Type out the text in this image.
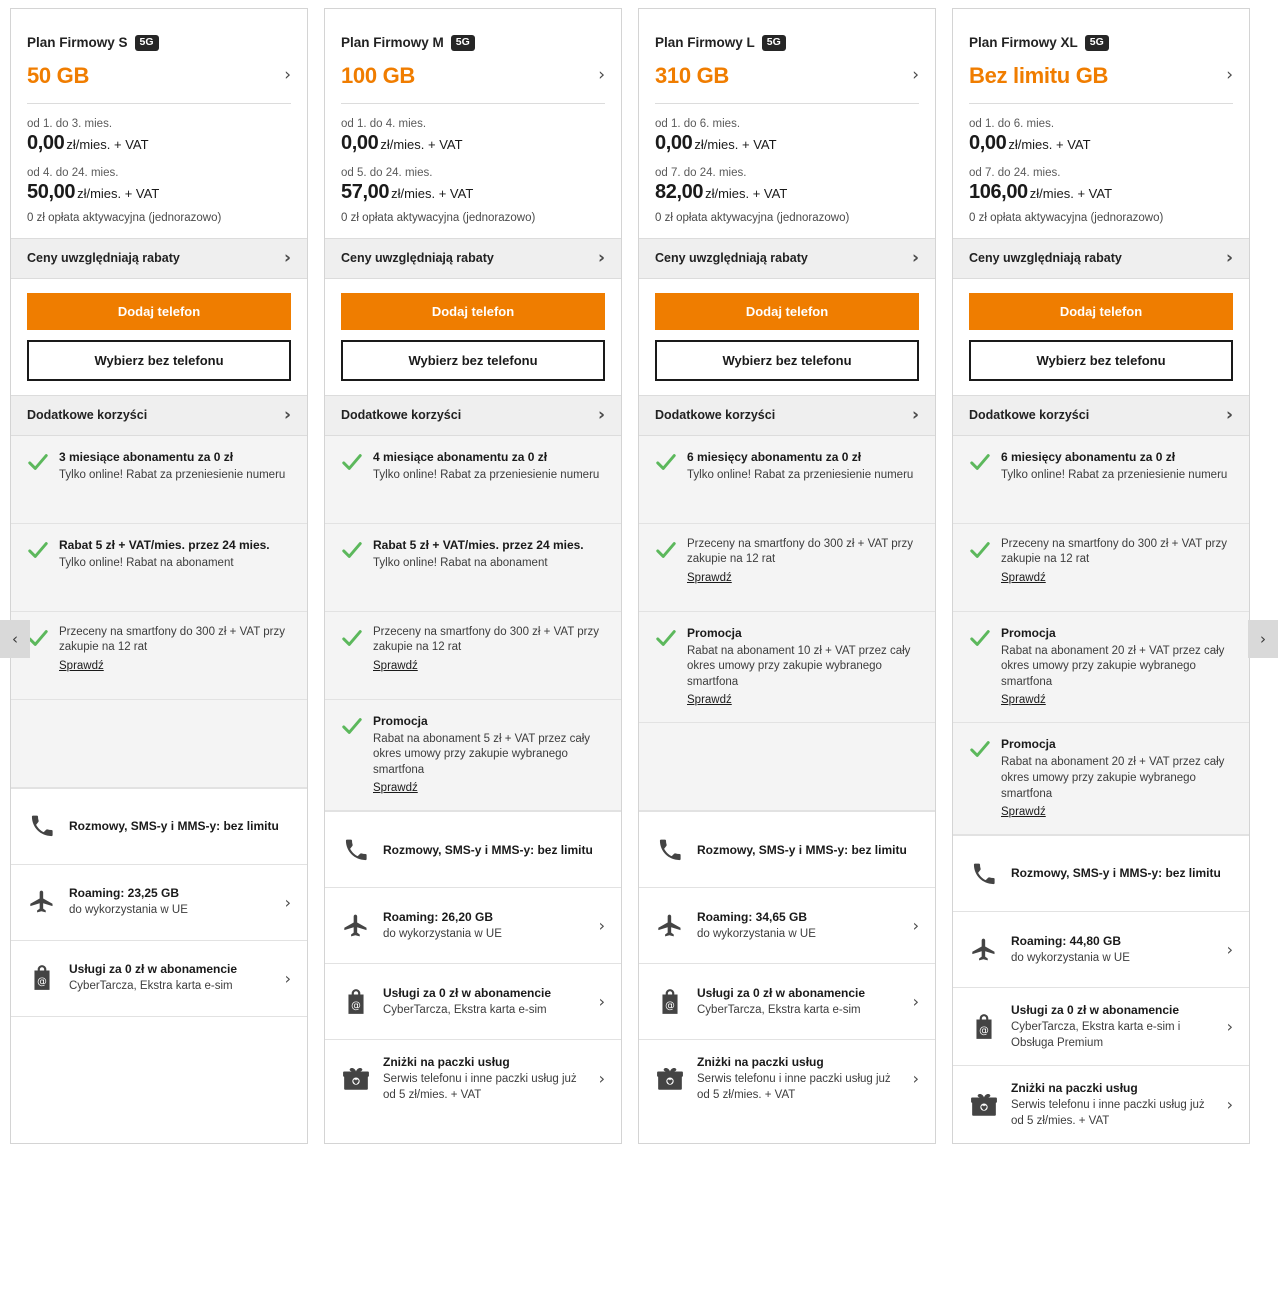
Plan Firmowy S	5G
50 GB	›
od 1. do 3. mies.
0,00 zł/mies. + VAT
od 4. do 24. mies.
50,00 zł/mies. + VAT
0 zł opłata aktywacyjna (jednorazowo)
Ceny uwzględniają rabaty	›
Dodaj telefon
Wybierz bez telefonu
Dodatkowe korzyści	›
3 miesiące abonamentu za 0 zł
Tylko online! Rabat za przeniesienie numeru
Rabat 5 zł + VAT/mies. przez 24 mies.
Tylko online! Rabat na abonament
Przeceny na smartfony do 300 zł + VAT przy zakupie na 12 rat
Sprawdź
Rozmowy, SMS-y i MMS-y: bez limitu
Roaming: 23,25 GB
do wykorzystania w UE	›
@
Usługi za 0 zł w abonamencie
CyberTarcza, Ekstra karta e-sim	›
Plan Firmowy M	5G
100 GB	›
od 1. do 4. mies.
0,00 zł/mies. + VAT
od 5. do 24. mies.
57,00 zł/mies. + VAT
0 zł opłata aktywacyjna (jednorazowo)
Ceny uwzględniają rabaty	›
Dodaj telefon
Wybierz bez telefonu
Dodatkowe korzyści	›
4 miesiące abonamentu za 0 zł
Tylko online! Rabat za przeniesienie numeru
Rabat 5 zł + VAT/mies. przez 24 mies.
Tylko online! Rabat na abonament
Przeceny na smartfony do 300 zł + VAT przy zakupie na 12 rat
Sprawdź
Promocja
Rabat na abonament 5 zł + VAT przez cały okres umowy przy zakupie wybranego smartfona
Sprawdź
Rozmowy, SMS-y i MMS-y: bez limitu
Roaming: 26,20 GB
do wykorzystania w UE	›
@
Usługi za 0 zł w abonamencie
CyberTarcza, Ekstra karta e-sim	›
Zniżki na paczki usług
Serwis telefonu i inne paczki usług już od 5 zł/mies. + VAT
›
Plan Firmowy L	5G
310 GB	›
od 1. do 6. mies.
0,00 zł/mies. + VAT
od 7. do 24. mies.
82,00 zł/mies. + VAT
0 zł opłata aktywacyjna (jednorazowo)
Ceny uwzględniają rabaty	›
Dodaj telefon
Wybierz bez telefonu
Dodatkowe korzyści	›
6 miesięcy abonamentu za 0 zł
Tylko online! Rabat za przeniesienie numeru
Przeceny na smartfony do 300 zł + VAT przy zakupie na 12 rat
Sprawdź
Promocja
Rabat na abonament 10 zł + VAT przez cały okres umowy przy zakupie wybranego smartfona
Sprawdź
Rozmowy, SMS-y i MMS-y: bez limitu
Roaming: 34,65 GB
do wykorzystania w UE	›
@
Usługi za 0 zł w abonamencie
CyberTarcza, Ekstra karta e-sim	›
Zniżki na paczki usług
Serwis telefonu i inne paczki usług już od 5 zł/mies. + VAT
›
Plan Firmowy XL	5G
Bez limitu GB	›
od 1. do 6. mies.
0,00 zł/mies. + VAT
od 7. do 24. mies.
106,00 zł/mies. + VAT
0 zł opłata aktywacyjna (jednorazowo)
Ceny uwzględniają rabaty	›
Dodaj telefon
Wybierz bez telefonu
Dodatkowe korzyści	›
6 miesięcy abonamentu za 0 zł
Tylko online! Rabat za przeniesienie numeru
Przeceny na smartfony do 300 zł + VAT przy zakupie na 12 rat
Sprawdź
Promocja
Rabat na abonament 20 zł + VAT przez cały okres umowy przy zakupie wybranego smartfona
Sprawdź
Promocja
Rabat na abonament 20 zł + VAT przez cały okres umowy przy zakupie wybranego smartfona
Sprawdź
Rozmowy, SMS-y i MMS-y: bez limitu
Roaming: 44,80 GB
do wykorzystania w UE	›
@
Usługi za 0 zł w abonamencie
CyberTarcza, Ekstra karta e-sim i Obsługa Premium
›
Zniżki na paczki usług
Serwis telefonu i inne paczki usług już od 5 zł/mies. + VAT
›
‹	›
